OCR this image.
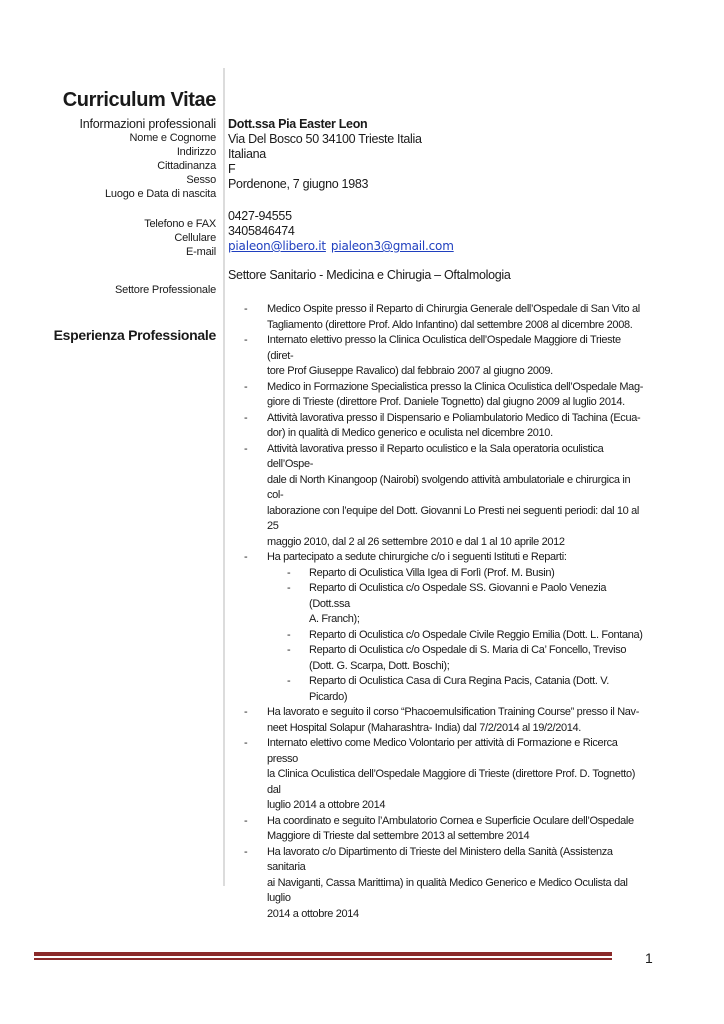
Curriculum Vitae
Informazioni professionali
Nome e Cognome
Indirizzo
Cittadinanza
Sesso
Luogo e Data di nascita
Dott.ssa Pia Easter Leon
Via Del Bosco 50 34100 Trieste Italia
Italiana
F
Pordenone, 7 giugno 1983
Telefono e FAX
Cellulare
E-mail
0427-94555
3405846474
pialeon@libero.it pialeon3@gmail.com
Settore Professionale
Settore Sanitario - Medicina e Chirugia – Oftalmologia
Esperienza Professionale
- Medico Ospite presso il Reparto di Chirurgia Generale dell’Ospedale di San Vito al
Tagliamento (direttore Prof. Aldo Infantino) dal settembre 2008 al dicembre 2008.
- Internato elettivo presso la Clinica Oculistica dell’Ospedale Maggiore di Trieste (diret-
tore Prof Giuseppe Ravalico) dal febbraio 2007 al giugno 2009.
- Medico in Formazione Specialistica presso la Clinica Oculistica dell’Ospedale Mag-
giore di Trieste (direttore Prof. Daniele Tognetto) dal giugno 2009 al luglio 2014.
- Attività lavorativa presso il Dispensario e Poliambulatorio Medico di Tachina (Ecua-
dor) in qualità di Medico generico e oculista nel dicembre 2010.
- Attività lavorativa presso il Reparto oculistico e la Sala operatoria oculistica dell’Ospe-
dale di North Kinangoop (Nairobi) svolgendo attività ambulatoriale e chirurgica in col-
laborazione con l’equipe del Dott. Giovanni Lo Presti nei seguenti periodi: dal 10 al 25
maggio 2010, dal 2 al 26 settembre 2010 e dal 1 al 10 aprile 2012
- Ha partecipato a sedute chirurgiche c/o i seguenti Istituti e Reparti:
- Reparto di Oculistica Villa Igea di Forlì (Prof. M. Busin)
- Reparto di Oculistica c/o Ospedale SS. Giovanni e Paolo Venezia (Dott.ssa
A. Franch);
- Reparto di Oculistica c/o Ospedale Civile Reggio Emilia (Dott. L. Fontana)
- Reparto di Oculistica c/o Ospedale di S. Maria di Ca’ Foncello, Treviso
(Dott. G. Scarpa, Dott. Boschi);
- Reparto di Oculistica Casa di Cura Regina Pacis, Catania (Dott. V. Picardo)
- Ha lavorato e seguito il corso “Phacoemulsification Training Course” presso il Nav-
neet Hospital Solapur (Maharashtra- India) dal 7/2/2014 al 19/2/2014.
- Internato elettivo come Medico Volontario per attività di Formazione e Ricerca presso
la Clinica Oculistica dell’Ospedale Maggiore di Trieste (direttore Prof. D. Tognetto) dal
luglio 2014 a ottobre 2014
- Ha coordinato e seguito l’Ambulatorio Cornea e Superficie Oculare dell’Ospedale
Maggiore di Trieste dal settembre 2013 al settembre 2014
- Ha lavorato c/o Dipartimento di Trieste del Ministero della Sanità (Assistenza sanitaria
ai Naviganti, Cassa Marittima) in qualità Medico Generico e Medico Oculista dal luglio
2014 a ottobre 2014
1
